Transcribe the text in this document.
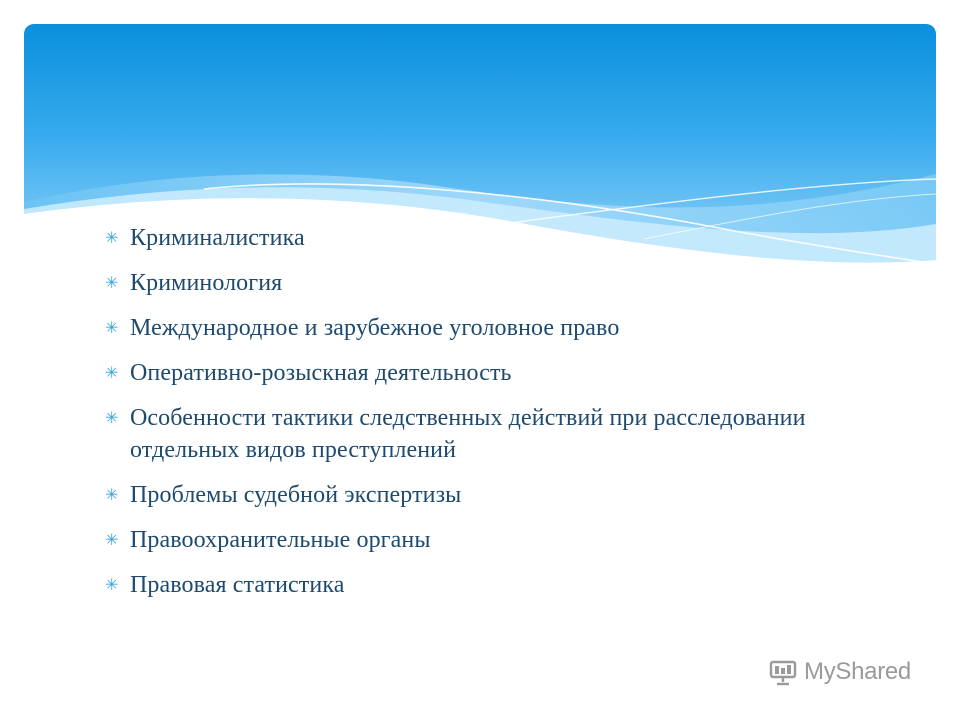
✳ Криминалистика
✳ Криминология
✳ Международное и зарубежное уголовное право
✳ Оперативно-розыскная деятельность
✳ Особенности тактики следственных действий при расследовании отдельных видов преступлений
✳ Проблемы судебной экспертизы
✳ Правоохранительные органы
✳ Правовая статистика
MyShared
